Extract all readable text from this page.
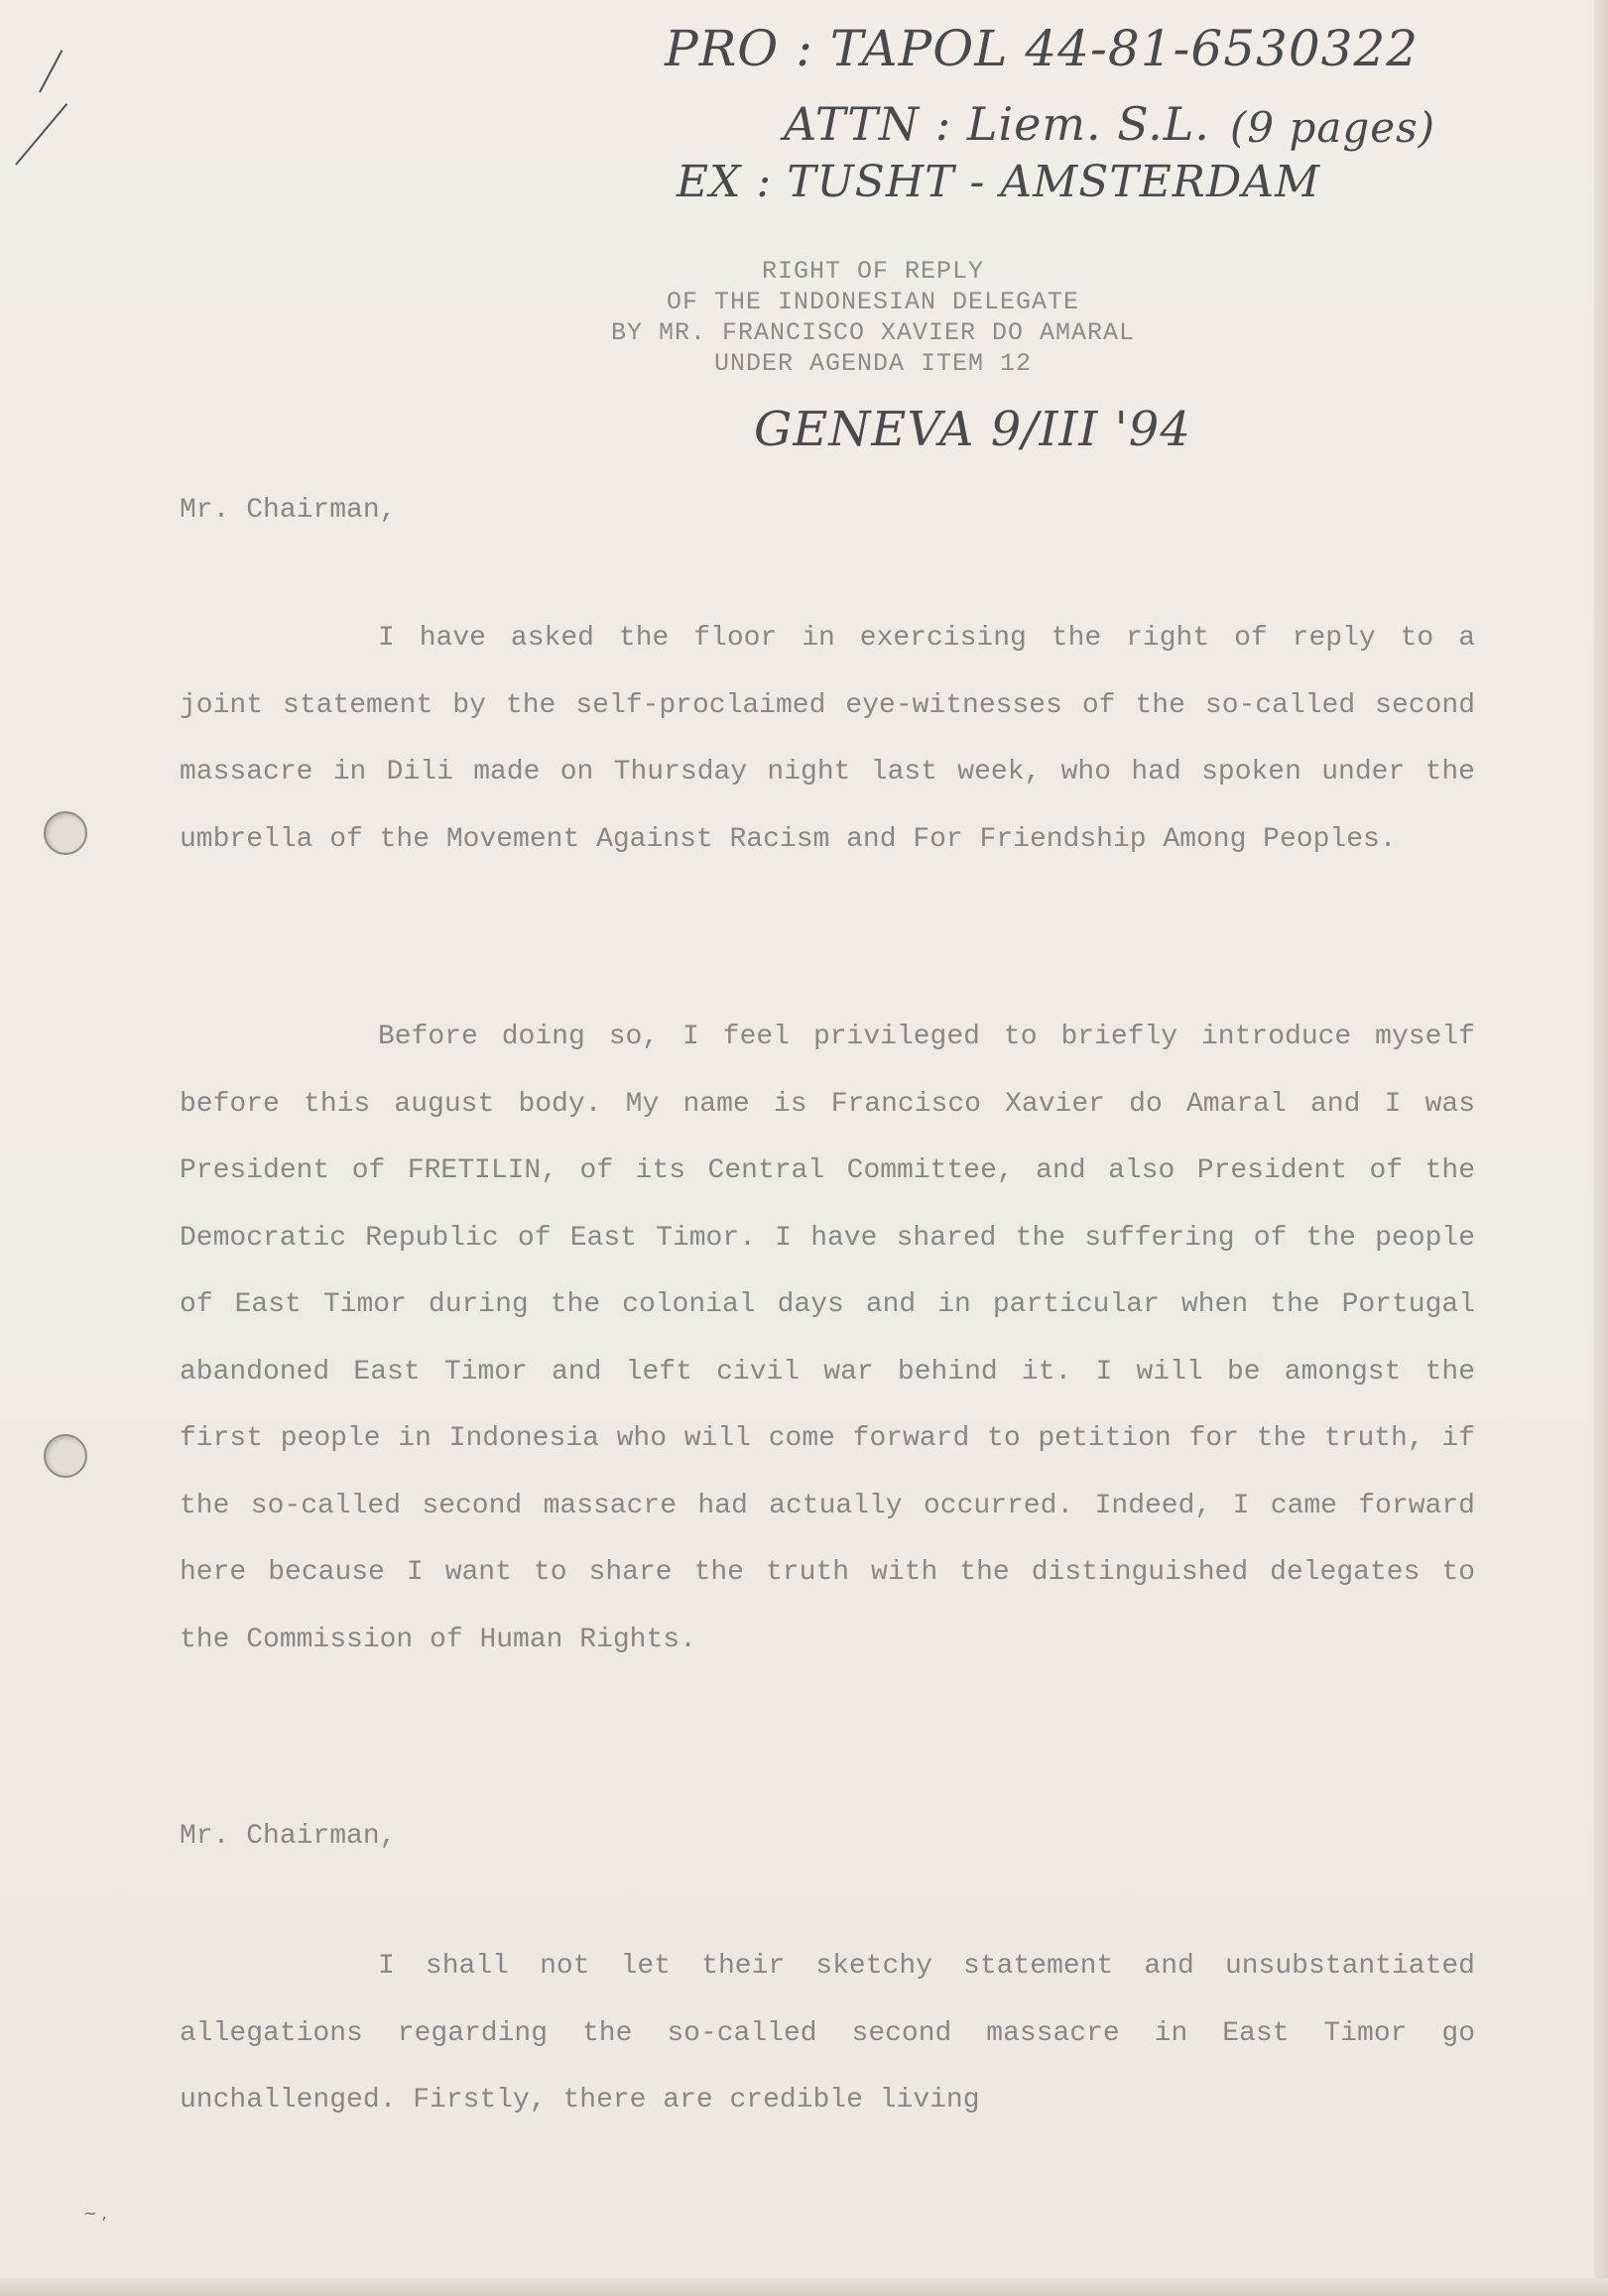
PRO : TAPOL 44-81-6530322
ATTN : Liem. S.L. (9 pages)
EX : TUSHT - AMSTERDAM
RIGHT OF REPLY
OF THE INDONESIAN DELEGATE
BY MR. FRANCISCO XAVIER DO AMARAL
UNDER AGENDA ITEM 12
GENEVA 9/III '94
Mr. Chairman,
I have asked the floor in exercising the right of reply to a joint statement by the self-proclaimed eye-witnesses of the so-called second massacre in Dili made on Thursday night last week, who had spoken under the umbrella of the Movement Against Racism and For Friendship Among Peoples.
Before doing so, I feel privileged to briefly introduce myself before this august body. My name is Francisco Xavier do Amaral and I was President of FRETILIN, of its Central Committee, and also President of the Democratic Republic of East Timor. I have shared the suffering of the people of East Timor during the colonial days and in particular when the Portugal abandoned East Timor and left civil war behind it. I will be amongst the first people in Indonesia who will come forward to petition for the truth, if the so-called second massacre had actually occurred. Indeed, I came forward here because I want to share the truth with the distinguished delegates to the Commission of Human Rights.
Mr. Chairman,
I shall not let their sketchy statement and unsubstantiated allegations regarding the so-called second massacre in East Timor go unchallenged. Firstly, there are credible living
~ ,
